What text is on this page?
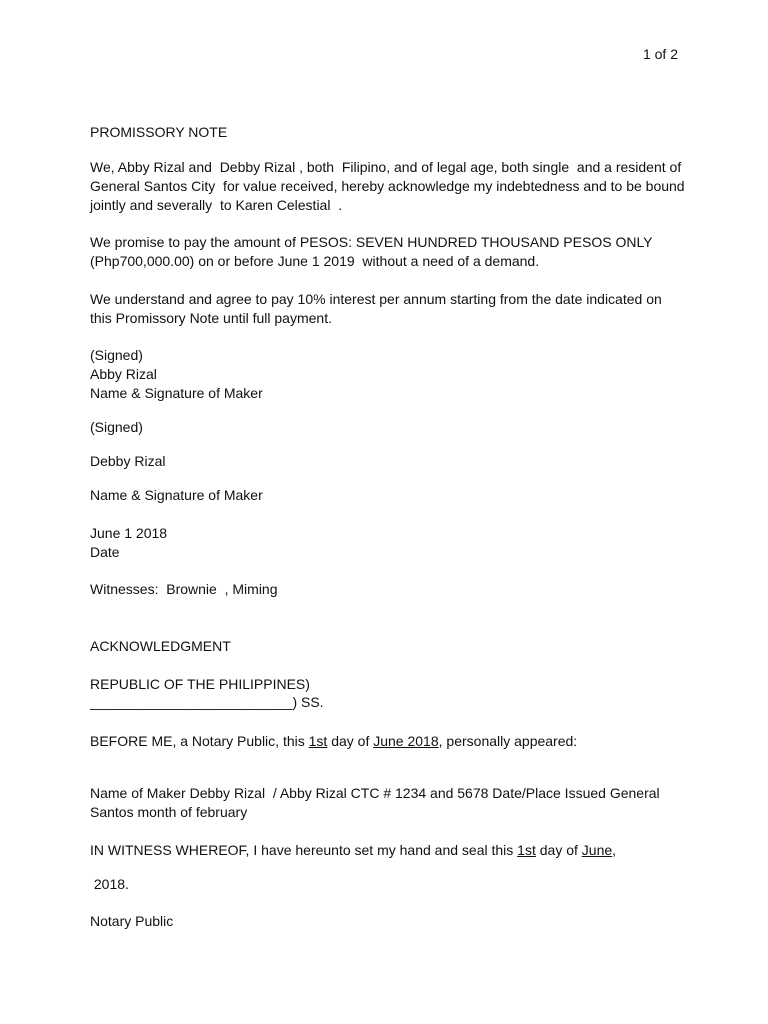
1 of 2
PROMISSORY NOTE
We, Abby Rizal and  Debby Rizal , both  Filipino, and of legal age, both single  and a resident of
General Santos City  for value received, hereby acknowledge my indebtedness and to be bound
jointly and severally  to Karen Celestial  .
We promise to pay the amount of PESOS: SEVEN HUNDRED THOUSAND PESOS ONLY
(Php700,000.00) on or before June 1 2019  without a need of a demand.
We understand and agree to pay 10% interest per annum starting from the date indicated on
this Promissory Note until full payment.
(Signed)
Abby Rizal
Name & Signature of Maker
(Signed)
Debby Rizal
Name & Signature of Maker
June 1 2018
Date
Witnesses:  Brownie  , Miming
ACKNOWLEDGMENT
REPUBLIC OF THE PHILIPPINES)
__________________________) SS.
BEFORE ME, a Notary Public, this 1st day of June 2018, personally appeared:
Name of Maker Debby Rizal  / Abby Rizal CTC # 1234 and 5678 Date/Place Issued General
Santos month of february
IN WITNESS WHEREOF, I have hereunto set my hand and seal this 1st day of June,
2018.
Notary Public
